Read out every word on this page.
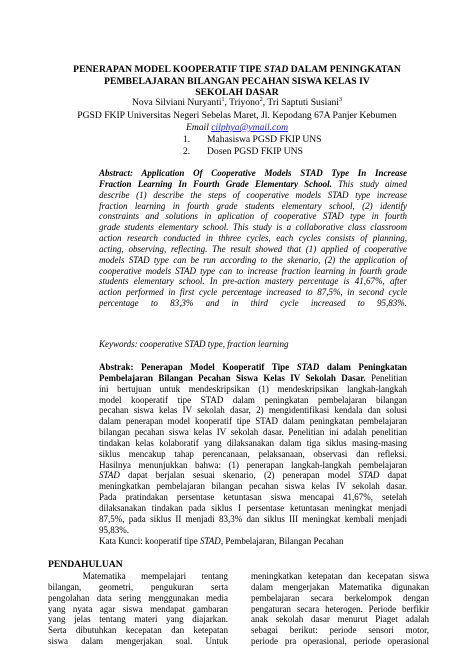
PENERAPAN MODEL KOOPERATIF TIPE STAD DALAM PENINGKATAN
PEMBELAJARAN BILANGAN PECAHAN SISWA KELAS IV
SEKOLAH DASAR
Nova Silviani Nuryanti$^1$, Triyono$^2$, Tri Saptuti Susiani$^3$
PGSD FKIP Universitas Negeri Sebelas Maret, Jl. Kepodang 67A Panjer Kebumen
Email cilphya@ymail.com
1.	Mahasiswa PGSD FKIP UNS
2.	Dosen PGSD FKIP UNS
Abstract: Application Of Cooperative Models STAD Type In Increase
Fraction Learning In Fourth Grade Elementary School. This study aimed
describe (1) describe the steps of cooperative models STAD type increase
fraction learning in fourth grade students elementary school, (2) identify
constraints and solutions in aplication of cooperative STAD type in fourth
grade students elementary school. This study is a collaborative class classroom
action research conducted in thhree cycles, each cycles consists of planning,
acting, observing, reflecting. The result showed that (1) applied of cooperative
models STAD type can be run according to the skenario, (2) the application of
cooperative models STAD type can to increase fraction learning in fourth grade
students elementary school. In pre-action mastery percentage is 41,67%, after
action performed in first cycle percentage increased to 87,5%, in second cycle
percentage to 83,3% and in third cycle increased to 95,83%.
Keywords: cooperative STAD type, fraction learning
Abstrak: Penerapan Model Kooperatif Tipe STAD dalam Peningkatan
Pembelajaran Bilangan Pecahan Siswa Kelas IV Sekolah Dasar. Penelitian
ini bertujuan untuk mendeskripsikan (1) mendeskripsikan langkah-langkah
model kooperatif tipe STAD dalam peningkatan pembelajaran bilangan
pecahan siswa kelas IV sekolah dasar, 2) mengidentifikasi kendala dan solusi
dalam penerapan model kooperatif tipe STAD dalam peningkatan pembelajaran
bilangan pecahan siswa kelas IV sekolah dasar. Penelitian ini adalah penelitian
tindakan kelas kolaboratif yang dilaksanakan dalam tiga siklus masing-masing
siklus mencakup tahap perencanaan, pelaksanaan, observasi dan refleksi.
Hasilnya menunjukkan bahwa: (1) penerapan langkah-langkah pembelajaran
STAD dapat berjalan sesuai skenario, (2) penerapan model STAD dapat
meningkatkan pembelajaran bilangan pecahan siswa kelas IV sekolah dasar.
Pada pratindakan persentase ketuntasan siswa mencapai 41,67%, setelah
dilaksanakan tindakan pada siklus I persentase ketuntasan meningkat menjadi
87,5%, pada siklus II menjadi 83,3% dan siklus III meningkat kembali menjadi
95,83%.
Kata Kunci: kooperatif tipe STAD, Pembelajaran, Bilangan Pecahan
PENDAHULUAN
Matematika    mempelajari    tentang
bilangan, geometri, pengukuran serta
pengolahan data sering menggunakan media
yang nyata agar siswa mendapat gambaran
yang jelas tentang materi yang diajarkan.
Serta dibutuhkan kecepatan dan ketepatan
siswa dalam mengerjakan soal. Untuk
meningkatkan ketepatan dan kecepatan siswa
dalam mengerjakan Matematika digunakan
pembelajaran secara berkelompok dengan
pengaturan secara heterogen. Periode berfikir
anak sekolah dasar menurut Piaget adalah
sebagai berikut: periode sensori motor,
periode pra operasional, periode operasional
